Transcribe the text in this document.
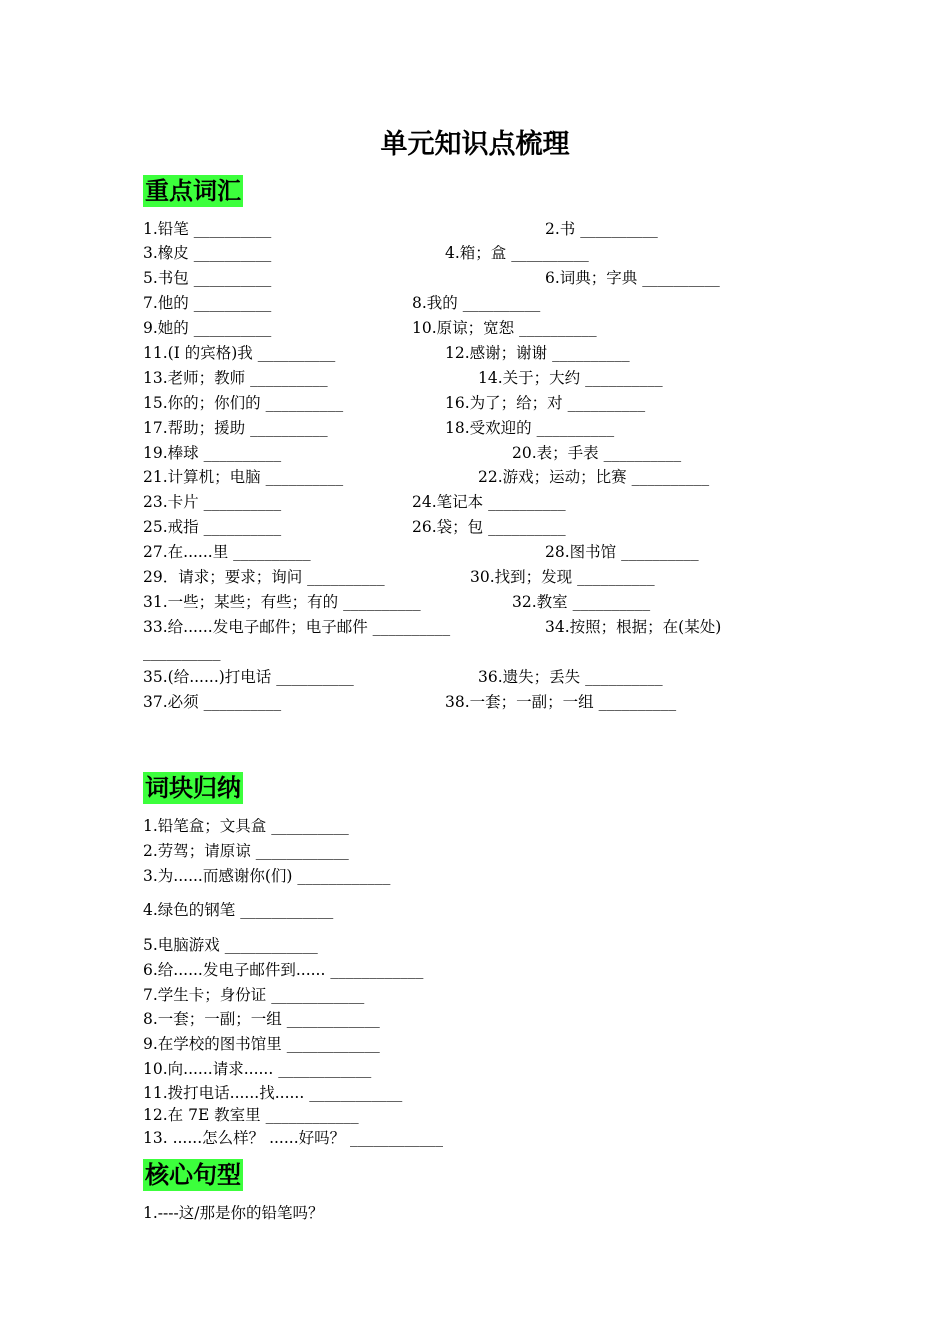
单元知识点梳理
重点词汇
1.铅笔 __________	2.书 __________
3.橡皮 __________	4.箱；盒 __________
5.书包 __________	6.词典；字典 __________
7.他的 __________	8.我的 __________
9.她的 __________	10.原谅；宽恕 __________
11.(I 的宾格)我 __________	12.感谢；谢谢 __________
13.老师；教师 __________	14.关于；大约 __________
15.你的；你们的 __________	16.为了；给；对 __________
17.帮助；援助 __________	18.受欢迎的 __________
19.棒球 __________	20.表；手表 __________
21.计算机；电脑 __________	22.游戏；运动；比赛 __________
23.卡片 __________	24.笔记本 __________
25.戒指 __________	26.袋；包 __________
27.在......里 __________	28.图书馆 __________
29．请求；要求；询问 __________	30.找到；发现 __________
31.一些；某些；有些；有的 __________	32.教室 __________
33.给......发电子邮件；电子邮件 __________	34.按照；根据；在(某处)
__________
35.(给......)打电话 __________	36.遗失；丢失 __________
37.必须 __________	38.一套；一副；一组 __________
词块归纳
1.铅笔盒；文具盒 __________
2.劳驾；请原谅 ____________
3.为......而感谢你(们) ____________
4.绿色的钢笔 ____________
5.电脑游戏 ____________
6.给......发电子邮件到...... ____________
7.学生卡；身份证 ____________
8.一套；一副；一组 ____________
9.在学校的图书馆里 ____________
10.向......请求...... ____________
11.拨打电话......找...... ____________
12.在 7E 教室里 ____________
13. ......怎么样？ ......好吗？ ____________
核心句型
1.----这/那是你的铅笔吗？
